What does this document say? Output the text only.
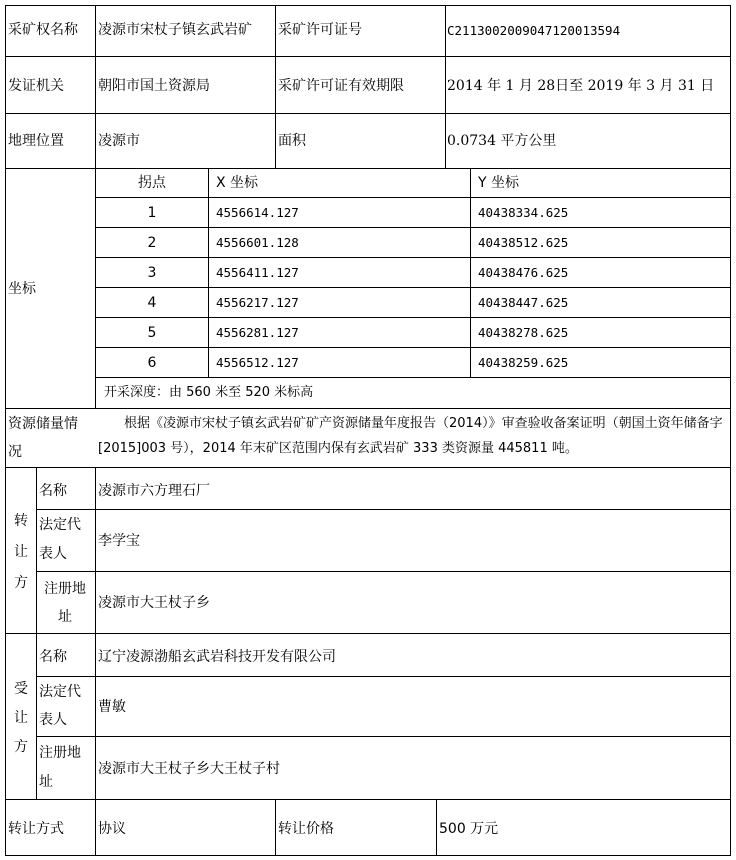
采矿权名称 凌源市宋杖子镇玄武岩矿 采矿许可证号	C2113002009047120013594
发证机关 朝阳市国土资源局	采矿许可证有效期限	2014 年 1 月 28日至 2019 年 3 月 31 日
地理位置 凌源市	面积	0.0734 平方公里
坐标
拐点	X 坐标	Y 坐标
1	4556614.127	40438334.625
2	4556601.128	40438512.625
3	4556411.127	40438476.625
4	4556217.127	40438447.625
5	4556281.127	40438278.625
6	4556512.127	40438259.625
开采深度：由 560 米至 520 米标高
资源储量情
况
根据《凌源市宋杖子镇玄武岩矿矿产资源储量年度报告（2014）》审查验收备案证明（朝国土资年储备字[2015]003 号），2014 年末矿区范围内保有玄武岩矿 333 类资源量 445811 吨。
转
让
方
名称 凌源市六方理石厂
法定代
表人
李学宝
注册地
址
凌源市大王杖子乡
受
让
方
名称 辽宁凌源渤船玄武岩科技开发有限公司
法定代
表人
曹敏
注册地
址
凌源市大王杖子乡大王杖子村
转让方式 协议	转让价格	500 万元
